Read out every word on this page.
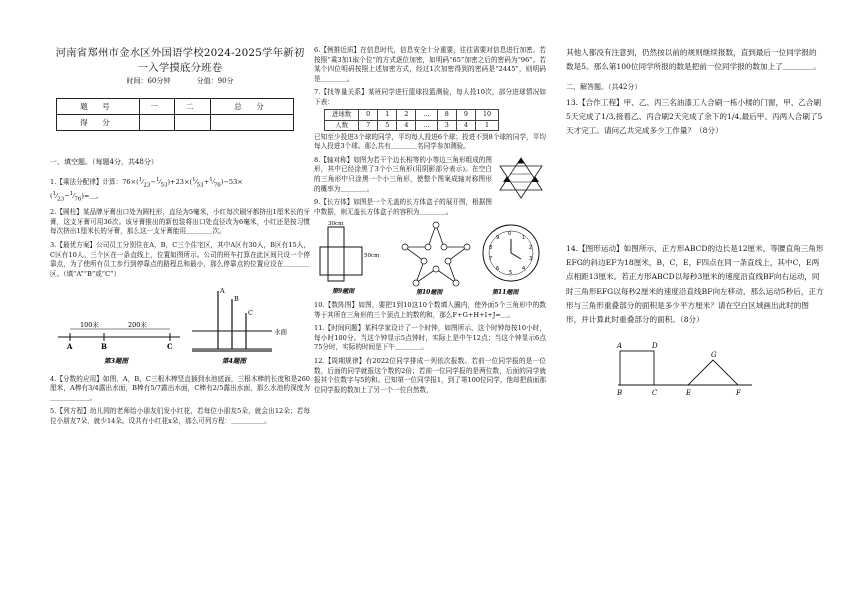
河南省郑州市金水区外国语学校2024-2025学年新初
一入学摸底分班卷
时间：60分钟	分值：90分
题 号	一	二	总 分
得 分			
一、填空题。（每题4分，共48分）
1.【乘法分配律】计算：$76\times(^1⁄_{23}-^1⁄_{53})+23\times(^1⁄_{53}+^1⁄_{76})-53\times$
$(^1⁄_{23}-^1⁄_{76})=\_$。
2.【圆柱】某品牌牙膏出口处为圆柱形，直径为5毫米，小红每次刷牙都挤出1厘米长的牙膏，这支牙膏可用36次。该牙膏推出的新包装将出口处直径改为6毫米，小红还是按习惯每次挤出1厘米长的牙膏，那么这一支牙膏能用＿＿＿＿次。
3.【最优方案】公司员工分别住在A，B，C三个住宅区，其中A区有30人，B区有15人，C区有10人。三个区在一条直线上，位置如图所示。公司的班车打算在此区间只设一个停靠点，为了使所有员工步行到停靠点的路程总和最小，那么停靠点的位置应设在＿＿＿＿区。（填“A”“B”或“C”）
100米	200米
A	B	C
第3题图
A
B
C
水面
第4题图
4.【分数的应用】如图，A，B，C三根木棒竖直插到水池底面，三根木棒的长度和是260厘米，A棒有3/4露出水面，B棒有5/7露出水面，C棒有2/5露出水面，那么水池的深度为＿＿＿＿＿＿。
5.【列方程】幼儿园的老师给小朋友们发小红花，若每位小朋友5朵，就会出12朵；若每位小朋友7朵，就少14朵。设共有小红花x朵，那么可列方程：＿＿＿＿＿。
6.【例推近质】在信息时代，信息安全十分重要，往往需要对信息进行加密。若按照“乘3加1取个位”的方式逐位加密，如明码“65”加密之后的密码为“96”。若某个四位明码按照上述加密方式，经过1次加密得到的密码是“2445”，则明码是＿＿＿＿。
7.【找等量关系】某班同学进行篮球投篮测验，每人投10次，部分进球情况如下表：
进球数	0	1	2	…	8	9	10
人数	7	5	4	…	3	4	1
已知至少投进3个球的同学，平均每人投进6个球；投进不到8个球的同学，平均每人投进3个球。那么共有＿＿＿＿名同学参加测验。
8.【轴对称】如图为若干个边长相等的小等边三角形组成的图形，其中已经涂黑了3个小三角形(用阴影部分表示)。在空白的三角形中只涂黑一个小三角形，使整个图案成轴对称图形的概率为＿＿＿＿。
9.【长方体】如图是一个无盖的长方体盒子的展开图，根据图中数据，则无盖长方体盒子的容积为＿＿＿＿。
30cm
50cm
第9题图	第10题图
0
1
2
3
4
5
6
7
8
9
第11题图
10.【数阵图】如图，要把1到10这10个数填入圈内，使外面5个三角形中的数等于其所在三角形的三个顶点上的数的和，那么F+G+H+I+J=＿。
11.【时间问题】某科学家设计了一个时钟，如图所示，这个时钟每按10小时，每小时100分。当这个钟显示5点钟时，实际上是中午12点；当这个钟显示6点75分时，实际的时间是下午＿＿＿＿。
12.【周期规律】有2022位同学排成一列依次报数。若前一位同学报的是一位数，后面的同学就报这个数的2倍；若前一位同学报的是两位数，后面的同学就报其个位数字与5的和。已知第一位同学报1，到了第100位同学，他却把前面那位同学报的数加上了另一个一位自然数，
其他人都没有注意到，仍然按以前的规则继续报数，直到最后一位同学报的数是5。那么第100位同学所报的数是把前一位同学报的数加上了＿＿＿＿。
二、解答题。（共42分）
13.【合作工程】甲、乙、丙三名油漆工人合刷一栋小楼的门窗，甲、乙合刷5天完成了1/3,接着乙、丙合刷2天完成了余下的1/4,最后甲、丙两人合刷了5天才完工。请问乙共完成多少工作量？（8分）
14.【图形运动】如图所示，正方形ABCD的边长是12厘米，等腰直角三角形EFG的斜边EF为18厘米，B，C，E，F四点在同一条直线上，其中C，E两点相距13厘米。若正方形ABCD以每秒3厘米的速度沿直线BF向右运动，同时三角形EFG以每秒2厘米的速度沿直线BF向左移动，那么运动5秒后，正方形与三角形重叠部分的面积是多少平方厘米？请在空白区域画出此时的图形，并计算此时重叠部分的面积。（8分）
A	D
B	C	E	F
G
